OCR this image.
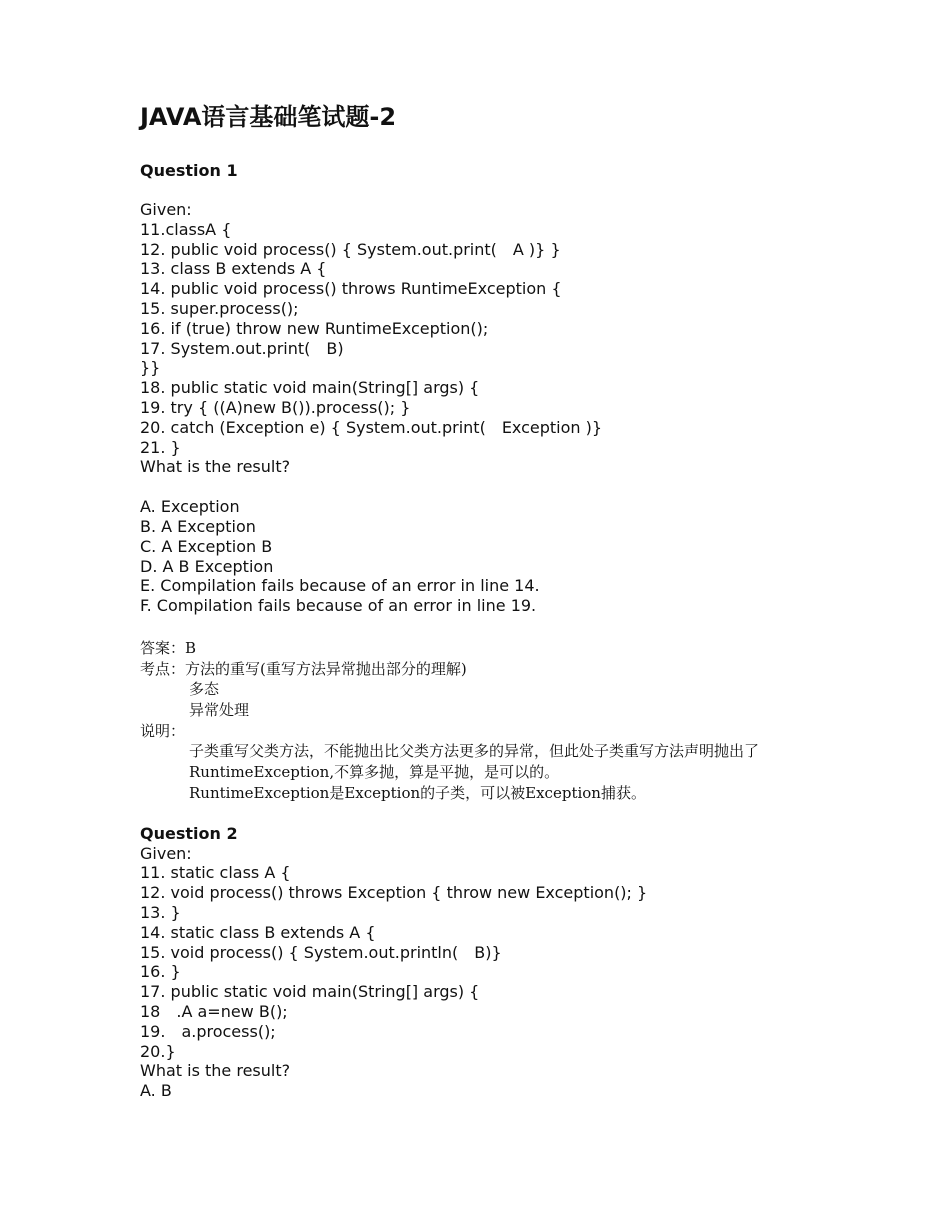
JAVA语言基础笔试题-2

Question 1

Given:

11.classA {

12. public void process() { System.out.print(　A )} }

13. class B extends A {

14. public void process() throws RuntimeException {

15. super.process();

16. if (true) throw new RuntimeException();

17. System.out.print(　B)

}}

18. public static void main(String[] args) {

19. try { ((A)new B()).process(); }

20. catch (Exception e) { System.out.print(　Exception )}

21. }

What is the result?

A. Exception

B. A Exception

C. A Exception B

D. A B Exception

E. Compilation fails because of an error in line 14.

F. Compilation fails because of an error in line 19.

答案：B

考点：方法的重写(重写方法异常抛出部分的理解)

多态

异常处理

说明：

子类重写父类方法，不能抛出比父类方法更多的异常，但此处子类重写方法声明抛出了

RuntimeException,不算多抛，算是平抛，是可以的。

RuntimeException是Exception的子类，可以被Exception捕获。

Question 2

Given:

11. static class A {

12. void process() throws Exception { throw new Exception(); }

13. }

14. static class B extends A {

15. void process() { System.out.println(　B)}

16. }

17. public static void main(String[] args) {

18　.A a=new B();

19.　a.process();

20.}

What is the result?

A. B
